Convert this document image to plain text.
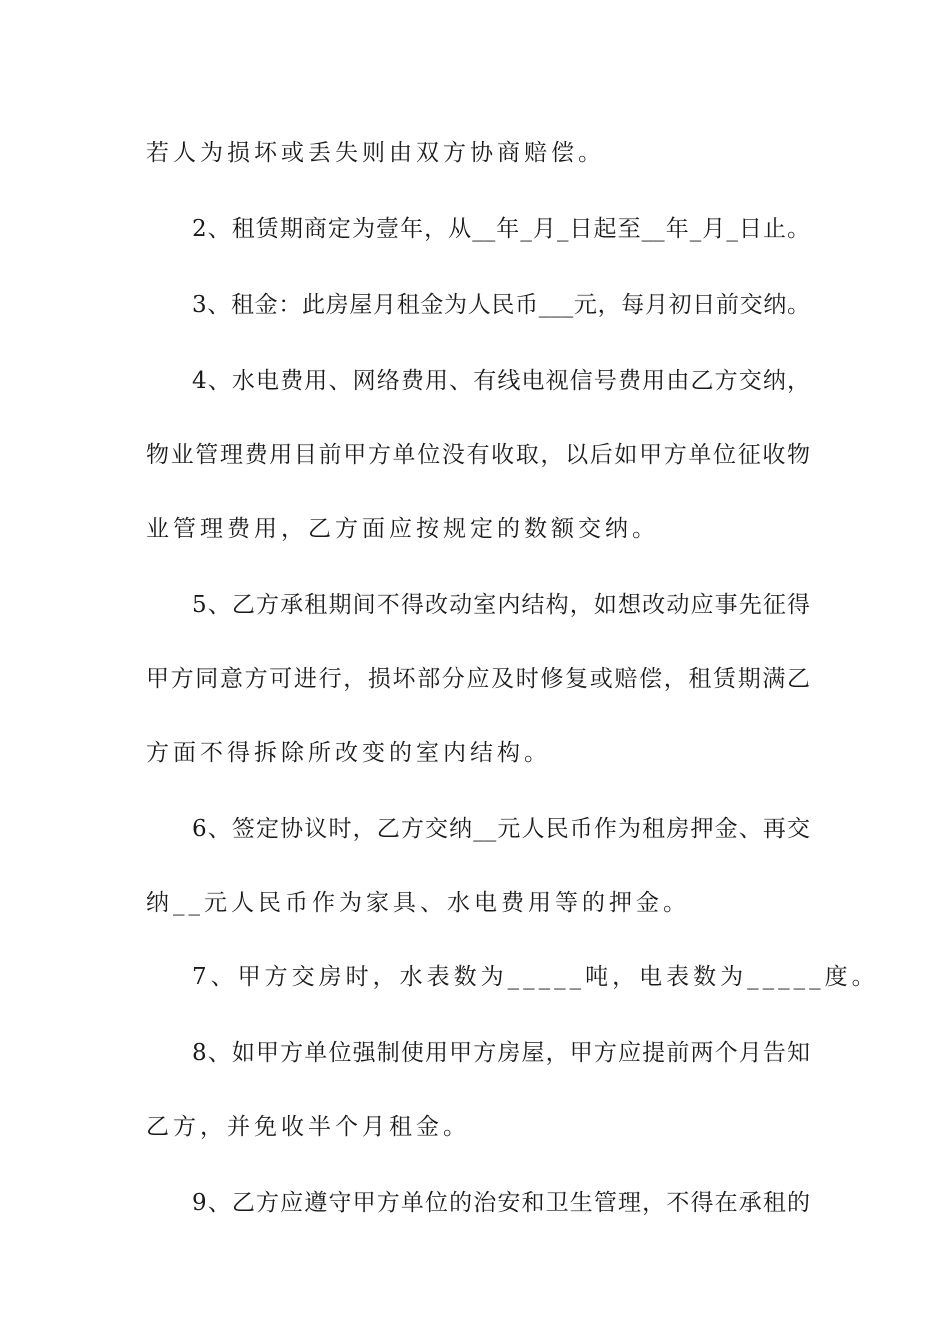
若人为损坏或丢失则由双方协商赔偿。

2、租赁期商定为壹年，从__年_月_日起至__年_月_日止。

3、租金：此房屋月租金为人民币___元，每月初日前交纳。

4、水电费用、网络费用、有线电视信号费用由乙方交纳，

物业管理费用目前甲方单位没有收取，以后如甲方单位征收物

业管理费用，乙方面应按规定的数额交纳。

5、乙方承租期间不得改动室内结构，如想改动应事先征得

甲方同意方可进行，损坏部分应及时修复或赔偿，租赁期满乙

方面不得拆除所改变的室内结构。

6、签定协议时，乙方交纳__元人民币作为租房押金、再交

纳__元人民币作为家具、水电费用等的押金。

7、甲方交房时，水表数为_____吨，电表数为_____度。

8、如甲方单位强制使用甲方房屋，甲方应提前两个月告知

乙方，并免收半个月租金。

9、乙方应遵守甲方单位的治安和卫生管理，不得在承租的
